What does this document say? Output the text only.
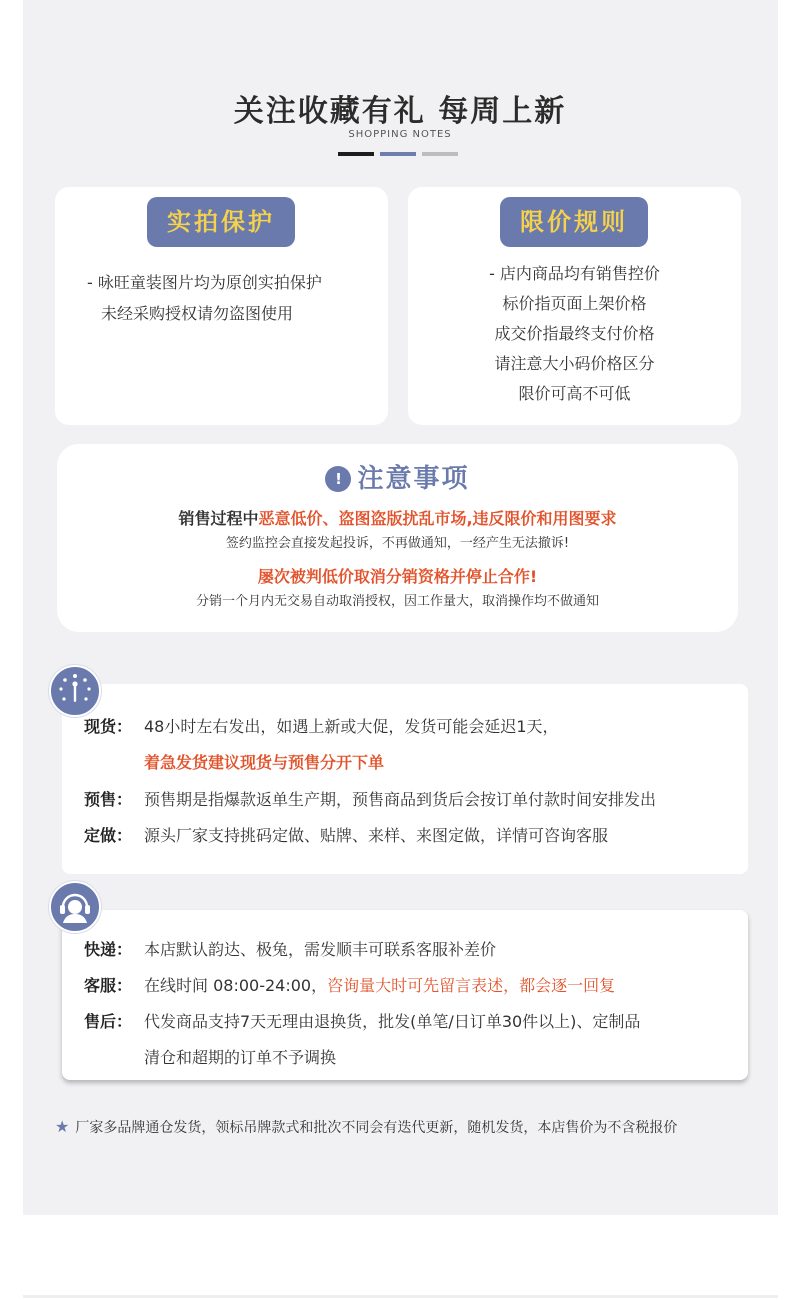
关注收藏有礼 每周上新
SHOPPING NOTES
实拍保护
- 咏旺童装图片均为原创实拍保护
未经采购授权请勿盗图使用
限价规则
- 店内商品均有销售控价
标价指页面上架价格
成交价指最终支付价格
请注意大小码价格区分
限价可高不可低
! 注意事项
销售过程中恶意低价、盗图盗版扰乱市场,违反限价和用图要求
签约监控会直接发起投诉，不再做通知，一经产生无法撤诉!
屡次被判低价取消分销资格并停止合作!
分销一个月内无交易自动取消授权，因工作量大，取消操作均不做通知
现货： 48小时左右发出，如遇上新或大促，发货可能会延迟1天，
着急发货建议现货与预售分开下单
预售： 预售期是指爆款返单生产期，预售商品到货后会按订单付款时间安排发出
定做： 源头厂家支持挑码定做、贴牌、来样、来图定做，详情可咨询客服
快递： 本店默认韵达、极兔，需发顺丰可联系客服补差价
客服： 在线时间 08:00-24:00，咨询量大时可先留言表述，都会逐一回复
售后： 代发商品支持7天无理由退换货，批发(单笔/日订单30件以上)、定制品
清仓和超期的订单不予调换
★ 厂家多品牌通仓发货，领标吊牌款式和批次不同会有迭代更新，随机发货，本店售价为不含税报价
